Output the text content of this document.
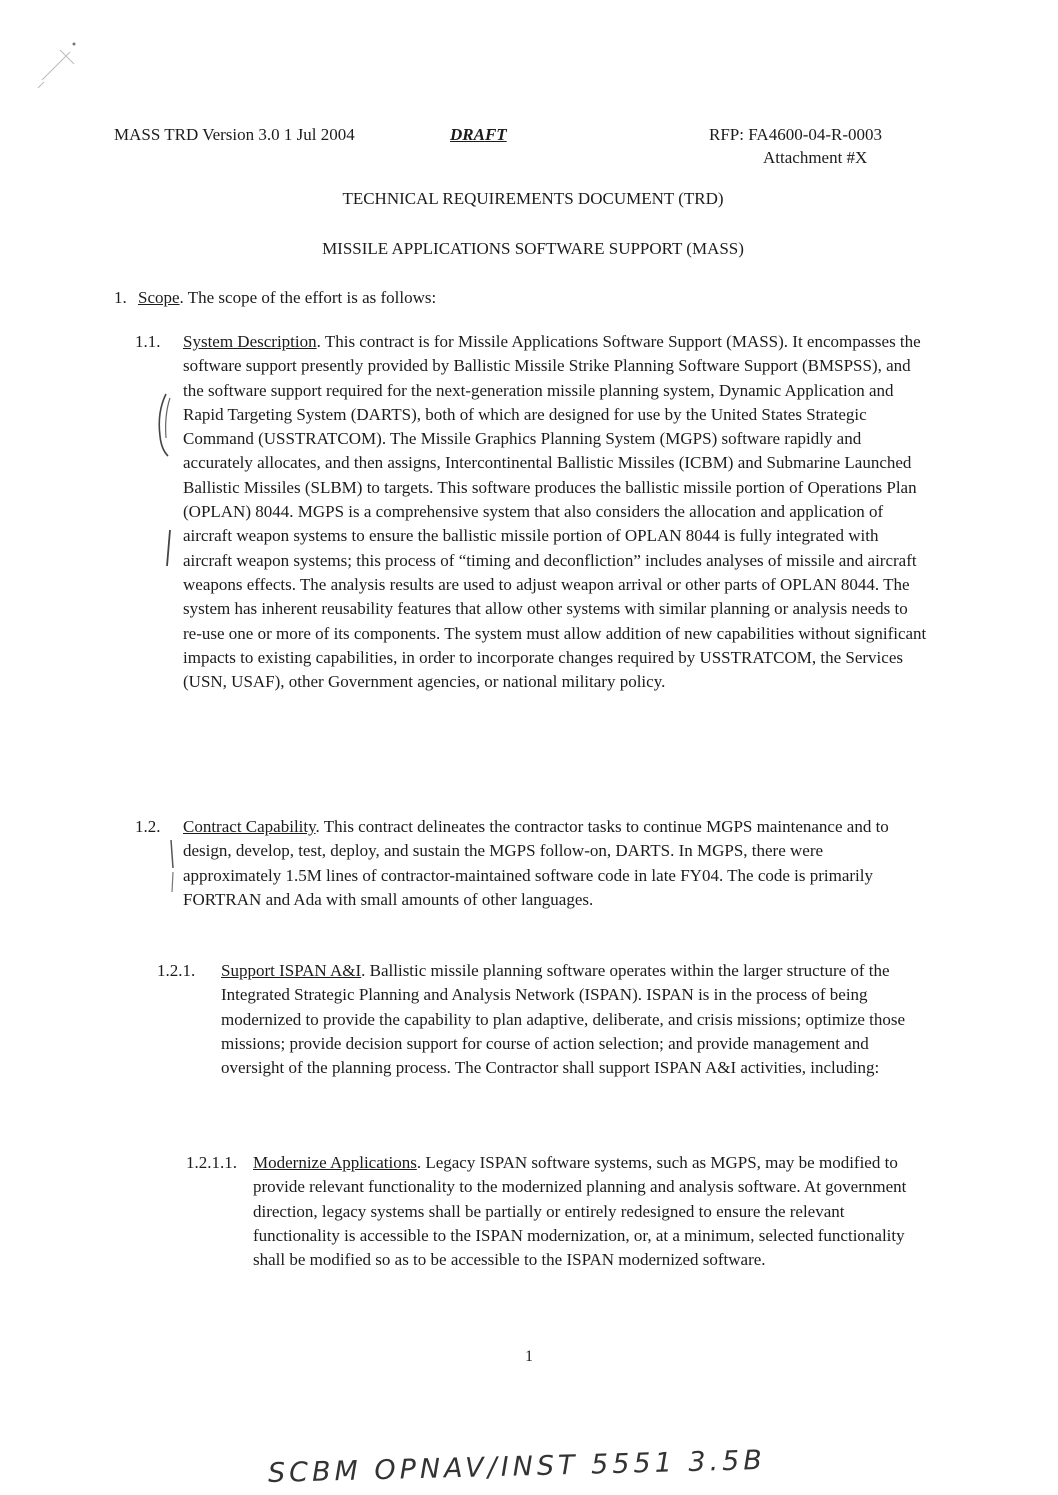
MASS TRD Version 3.0 1 Jul 2004	DRAFT	RFP: FA4600-04-R-0003
Attachment #X
TECHNICAL REQUIREMENTS DOCUMENT (TRD)
MISSILE APPLICATIONS SOFTWARE SUPPORT (MASS)
1. Scope. The scope of the effort is as follows:
1.1. System Description. This contract is for Missile Applications Software Support (MASS). It encompasses the software support presently provided by Ballistic Missile Strike Planning Software Support (BMSPSS), and the software support required for the next-generation missile planning system, Dynamic Application and Rapid Targeting System (DARTS), both of which are designed for use by the United States Strategic Command (USSTRATCOM). The Missile Graphics Planning System (MGPS) software rapidly and accurately allocates, and then assigns, Intercontinental Ballistic Missiles (ICBM) and Submarine Launched Ballistic Missiles (SLBM) to targets. This software produces the ballistic missile portion of Operations Plan (OPLAN) 8044. MGPS is a comprehensive system that also considers the allocation and application of aircraft weapon systems to ensure the ballistic missile portion of OPLAN 8044 is fully integrated with aircraft weapon systems; this process of “timing and deconfliction” includes analyses of missile and aircraft weapons effects. The analysis results are used to adjust weapon arrival or other parts of OPLAN 8044. The system has inherent reusability features that allow other systems with similar planning or analysis needs to re-use one or more of its components. The system must allow addition of new capabilities without significant impacts to existing capabilities, in order to incorporate changes required by USSTRATCOM, the Services (USN, USAF), other Government agencies, or national military policy.
1.2. Contract Capability. This contract delineates the contractor tasks to continue MGPS maintenance and to design, develop, test, deploy, and sustain the MGPS follow-on, DARTS. In MGPS, there were approximately 1.5M lines of contractor-maintained software code in late FY04. The code is primarily FORTRAN and Ada with small amounts of other languages.
1.2.1. Support ISPAN A&I. Ballistic missile planning software operates within the larger structure of the Integrated Strategic Planning and Analysis Network (ISPAN). ISPAN is in the process of being modernized to provide the capability to plan adaptive, deliberate, and crisis missions; optimize those missions; provide decision support for course of action selection; and provide management and oversight of the planning process. The Contractor shall support ISPAN A&I activities, including:
1.2.1.1. Modernize Applications. Legacy ISPAN software systems, such as MGPS, may be modified to provide relevant functionality to the modernized planning and analysis software. At government direction, legacy systems shall be partially or entirely redesigned to ensure the relevant functionality is accessible to the ISPAN modernization, or, at a minimum, selected functionality shall be modified so as to be accessible to the ISPAN modernized software.
1
SCBM OPNAV/INST 5551 3.5B
